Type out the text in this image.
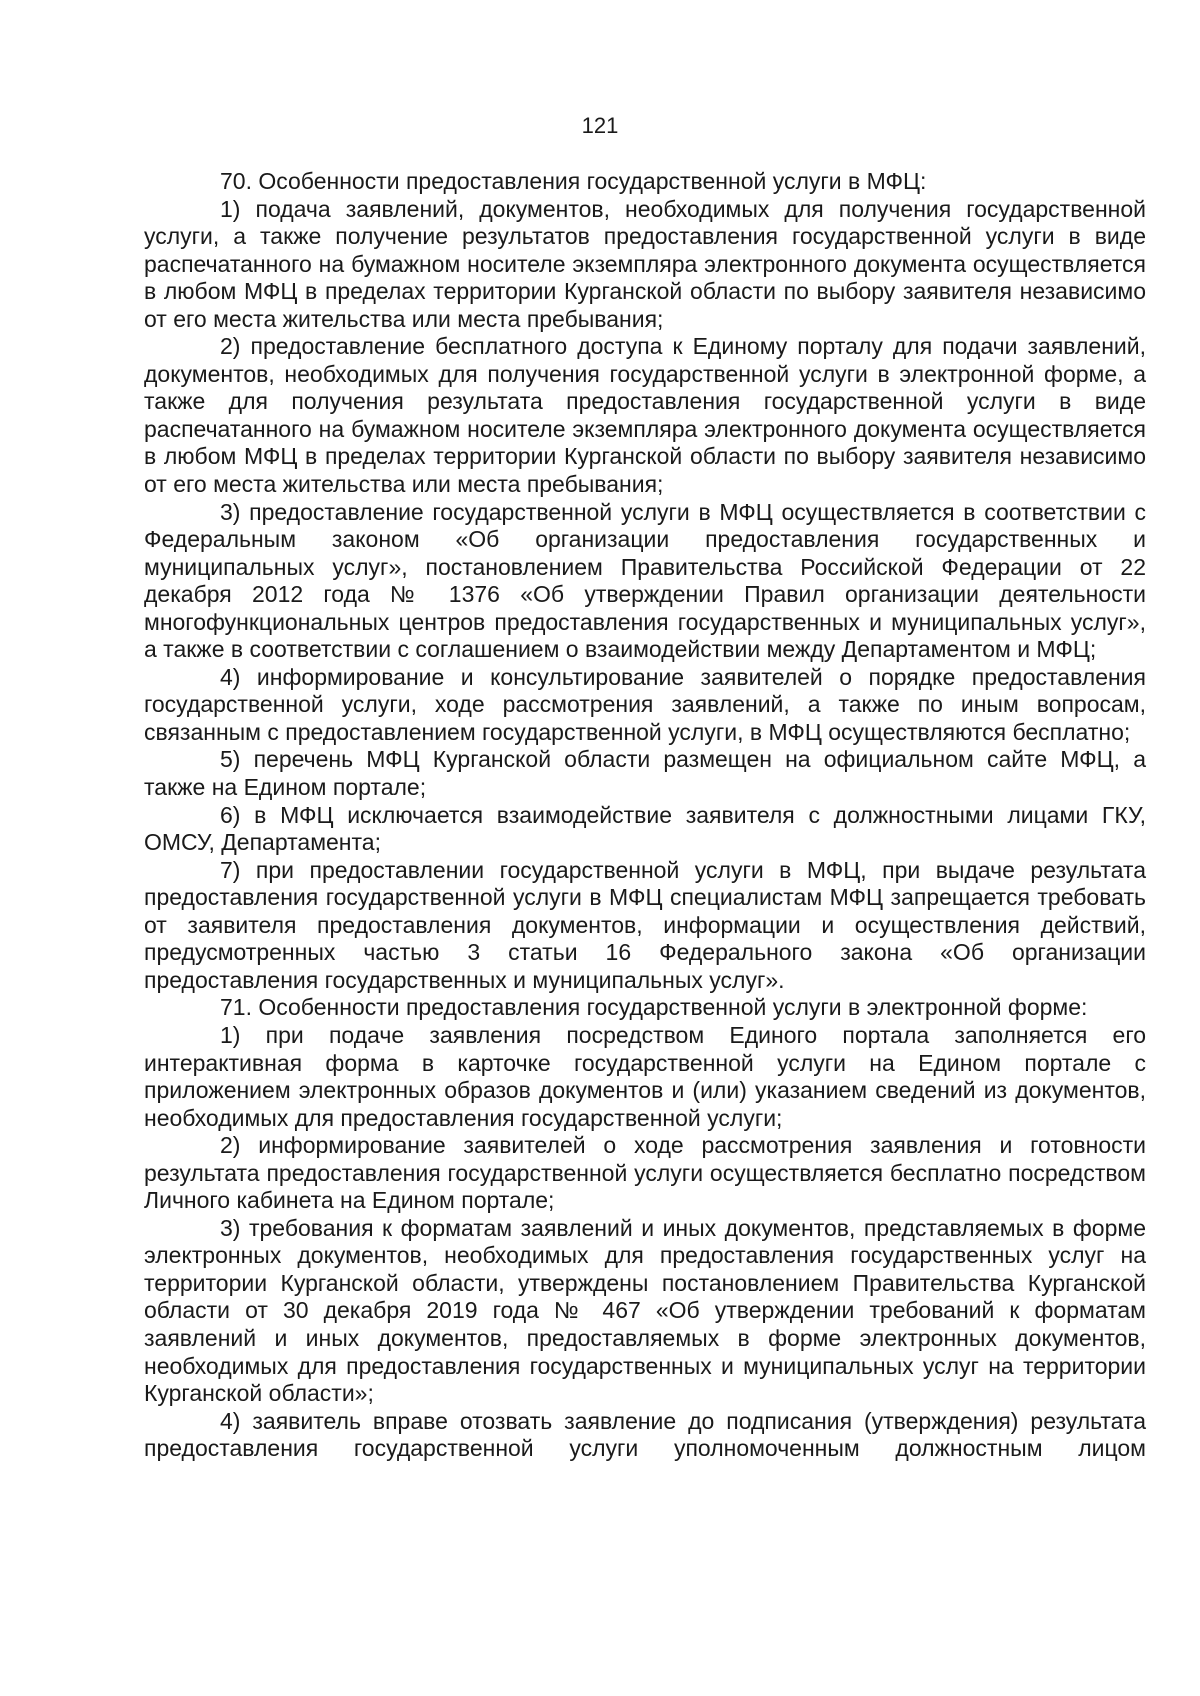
121

70. Особенности предоставления государственной услуги в МФЦ:

1) подача заявлений, документов, необходимых для получения государственной услуги, а также получение результатов предоставления государственной услуги в виде распечатанного на бумажном носителе экземпляра электронного документа осуществляется в любом МФЦ в пределах территории Курганской области по выбору заявителя независимо от его места жительства или места пребывания;

2) предоставление бесплатного доступа к Единому порталу для подачи заявлений, документов, необходимых для получения государственной услуги в электронной форме, а также для получения результата предоставления государственной услуги в виде распечатанного на бумажном носителе экземпляра электронного документа осуществляется в любом МФЦ в пределах территории Курганской области по выбору заявителя независимо от его места жительства или места пребывания;

3) предоставление государственной услуги в МФЦ осуществляется в соответствии с Федеральным законом «Об организации предоставления государственных и муниципальных услуг», постановлением Правительства Российской Федерации от 22 декабря 2012 года № 1376 «Об утверждении Правил организации деятельности многофункциональных центров предоставления государственных и муниципальных услуг», а также в соответствии с соглашением о взаимодействии между Департаментом и МФЦ;

4) информирование и консультирование заявителей о порядке предоставления государственной услуги, ходе рассмотрения заявлений, а также по иным вопросам, связанным с предоставлением государственной услуги, в МФЦ осуществляются бесплатно;

5) перечень МФЦ Курганской области размещен на официальном сайте МФЦ, а также на Едином портале;

6) в МФЦ исключается взаимодействие заявителя с должностными лицами ГКУ, ОМСУ, Департамента;

7) при предоставлении государственной услуги в МФЦ, при выдаче результата предоставления государственной услуги в МФЦ специалистам МФЦ запрещается требовать от заявителя предоставления документов, информации и осуществления действий, предусмотренных частью 3 статьи 16 Федерального закона «Об организации предоставления государственных и муниципальных услуг».

71. Особенности предоставления государственной услуги в электронной форме:

1) при подаче заявления посредством Единого портала заполняется его интерактивная форма в карточке государственной услуги на Едином портале с приложением электронных образов документов и (или) указанием сведений из документов, необходимых для предоставления государственной услуги;

2) информирование заявителей о ходе рассмотрения заявления и готовности результата предоставления государственной услуги осуществляется бесплатно посредством Личного кабинета на Едином портале;

3) требования к форматам заявлений и иных документов, представляемых в форме электронных документов, необходимых для предоставления государственных услуг на территории Курганской области, утверждены постановлением Правительства Курганской области от 30 декабря 2019 года № 467 «Об утверждении требований к форматам заявлений и иных документов, предоставляемых в форме электронных документов, необходимых для предоставления государственных и муниципальных услуг на территории Курганской области»;

4) заявитель вправе отозвать заявление до подписания (утверждения) результата предоставления государственной услуги уполномоченным должностным лицом
